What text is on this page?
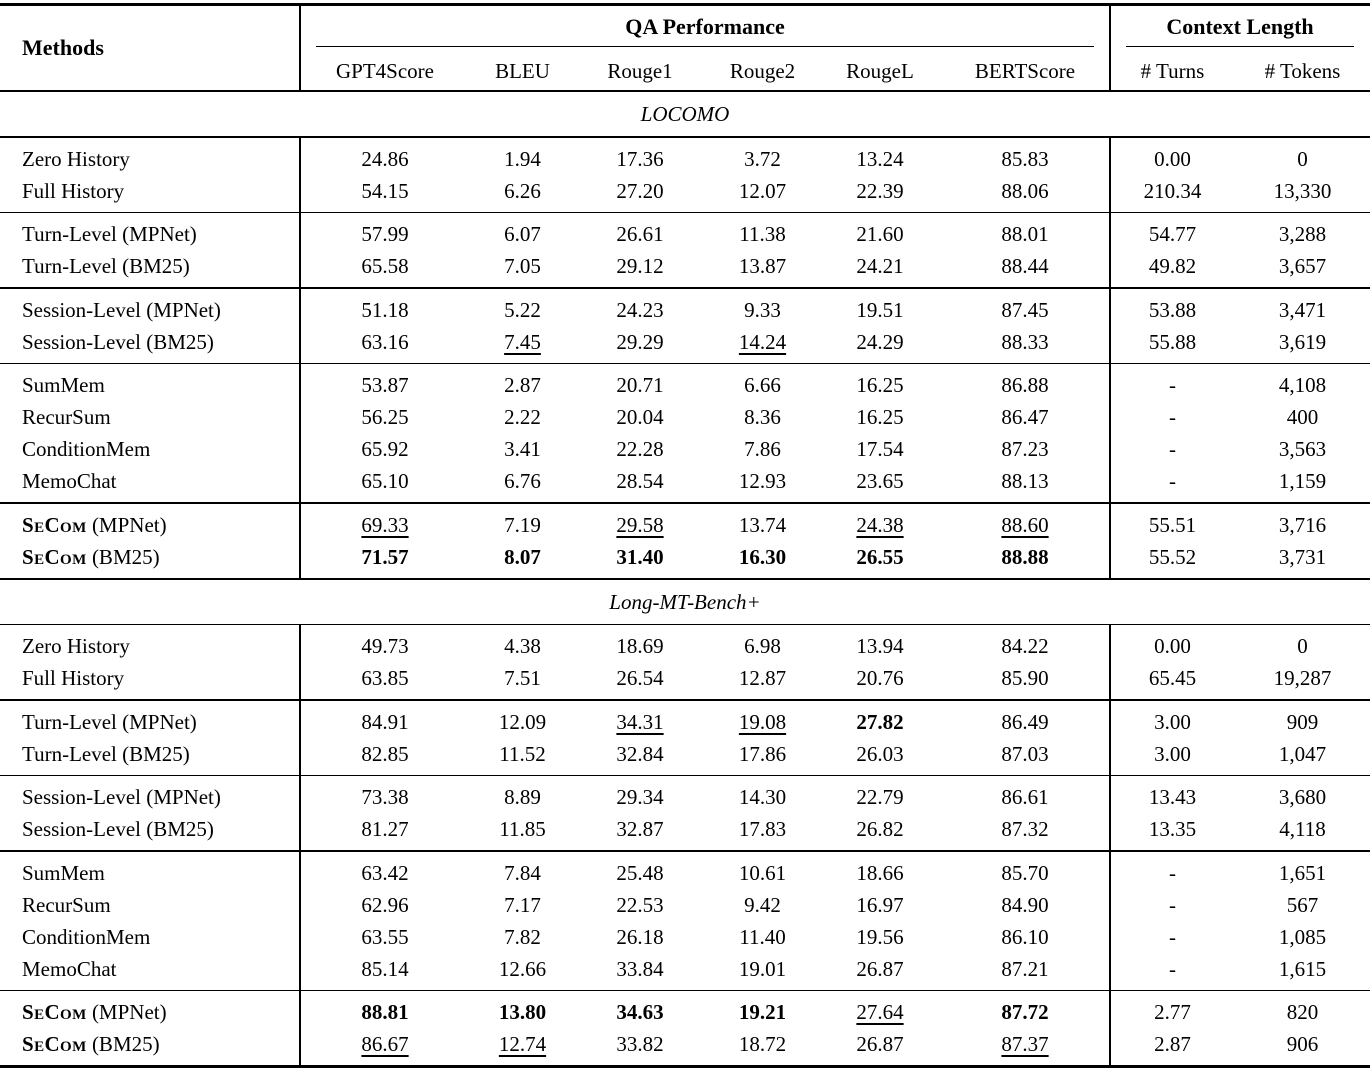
Methods
QA Performance	Context Length
GPT4Score	BLEU	Rouge1	Rouge2	RougeL	BERTScore	# Turns	# Tokens
LOCOMO
Zero History	24.86	1.94	17.36	3.72	13.24	85.83	0.00	0
Full History	54.15	6.26	27.20	12.07	22.39	88.06	210.34	13,330
Turn-Level (MPNet)	57.99	6.07	26.61	11.38	21.60	88.01	54.77	3,288
Turn-Level (BM25)	65.58	7.05	29.12	13.87	24.21	88.44	49.82	3,657
Session-Level (MPNet)	51.18	5.22	24.23	9.33	19.51	87.45	53.88	3,471
Session-Level (BM25)	63.16	7.45	29.29	14.24	24.29	88.33	55.88	3,619
SumMem	53.87	2.87	20.71	6.66	16.25	86.88	-	4,108
RecurSum	56.25	2.22	20.04	8.36	16.25	86.47	-	400
ConditionMem	65.92	3.41	22.28	7.86	17.54	87.23	-	3,563
MemoChat	65.10	6.76	28.54	12.93	23.65	88.13	-	1,159
SeCom (MPNet)	69.33	7.19	29.58	13.74	24.38	88.60	55.51	3,716
SeCom (BM25)	71.57	8.07	31.40	16.30	26.55	88.88	55.52	3,731
Long-MT-Bench+
Zero History	49.73	4.38	18.69	6.98	13.94	84.22	0.00	0
Full History	63.85	7.51	26.54	12.87	20.76	85.90	65.45	19,287
Turn-Level (MPNet)	84.91	12.09	34.31	19.08	27.82	86.49	3.00	909
Turn-Level (BM25)	82.85	11.52	32.84	17.86	26.03	87.03	3.00	1,047
Session-Level (MPNet)	73.38	8.89	29.34	14.30	22.79	86.61	13.43	3,680
Session-Level (BM25)	81.27	11.85	32.87	17.83	26.82	87.32	13.35	4,118
SumMem	63.42	7.84	25.48	10.61	18.66	85.70	-	1,651
RecurSum	62.96	7.17	22.53	9.42	16.97	84.90	-	567
ConditionMem	63.55	7.82	26.18	11.40	19.56	86.10	-	1,085
MemoChat	85.14	12.66	33.84	19.01	26.87	87.21	-	1,615
SeCom (MPNet)	88.81	13.80	34.63	19.21	27.64	87.72	2.77	820
SeCom (BM25)	86.67	12.74	33.82	18.72	26.87	87.37	2.87	906
